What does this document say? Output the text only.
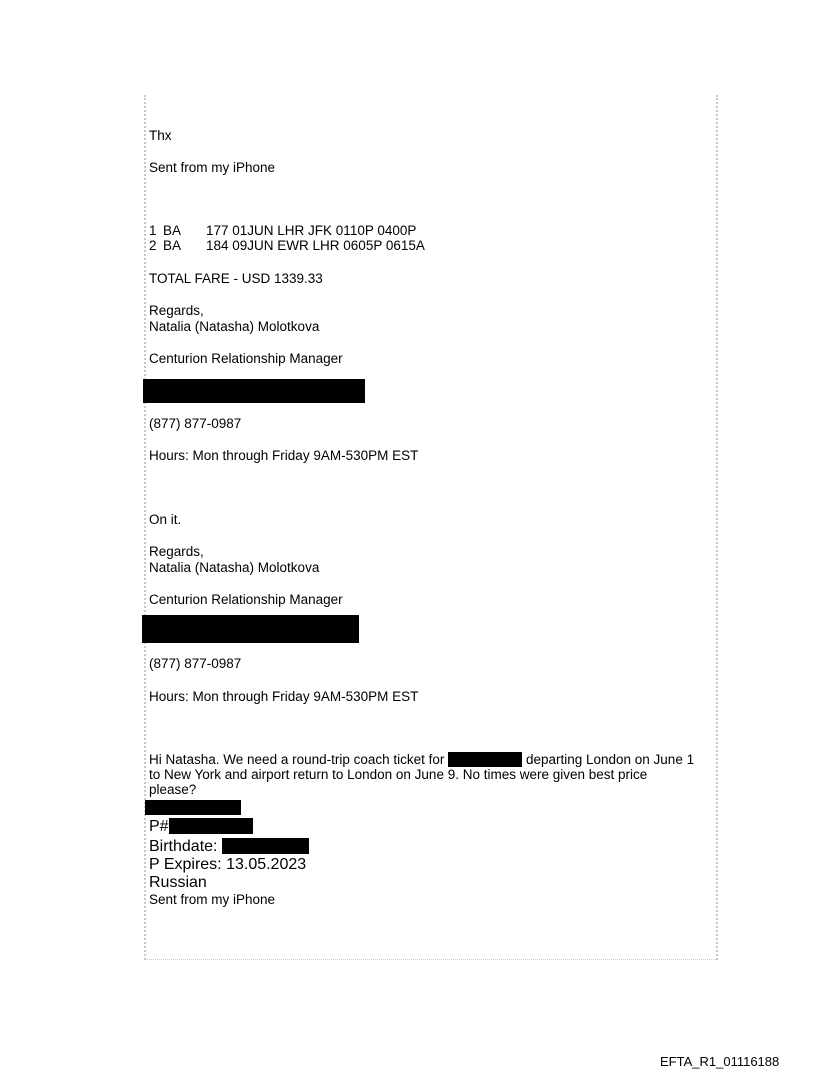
Thx

Sent from my iPhone

1 BA 177 01JUN LHR JFK 0110P 0400P

2 BA 184 09JUN EWR LHR 0605P 0615A

TOTAL FARE - USD 1339.33

Regards,

Natalia (Natasha) Molotkova

Centurion Relationship Manager

(877) 877-0987

Hours: Mon through Friday 9AM-530PM EST

On it.

Regards,

Natalia (Natasha) Molotkova

Centurion Relationship Manager

(877) 877-0987

Hours: Mon through Friday 9AM-530PM EST

Hi Natasha. We need a round-trip coach ticket for	departing London on June 1

to New York and airport return to London on June 9. No times were given best price

please?

P#

Birthdate:

P Expires: 13.05.2023

Russian

Sent from my iPhone

EFTA_R1_01116188
